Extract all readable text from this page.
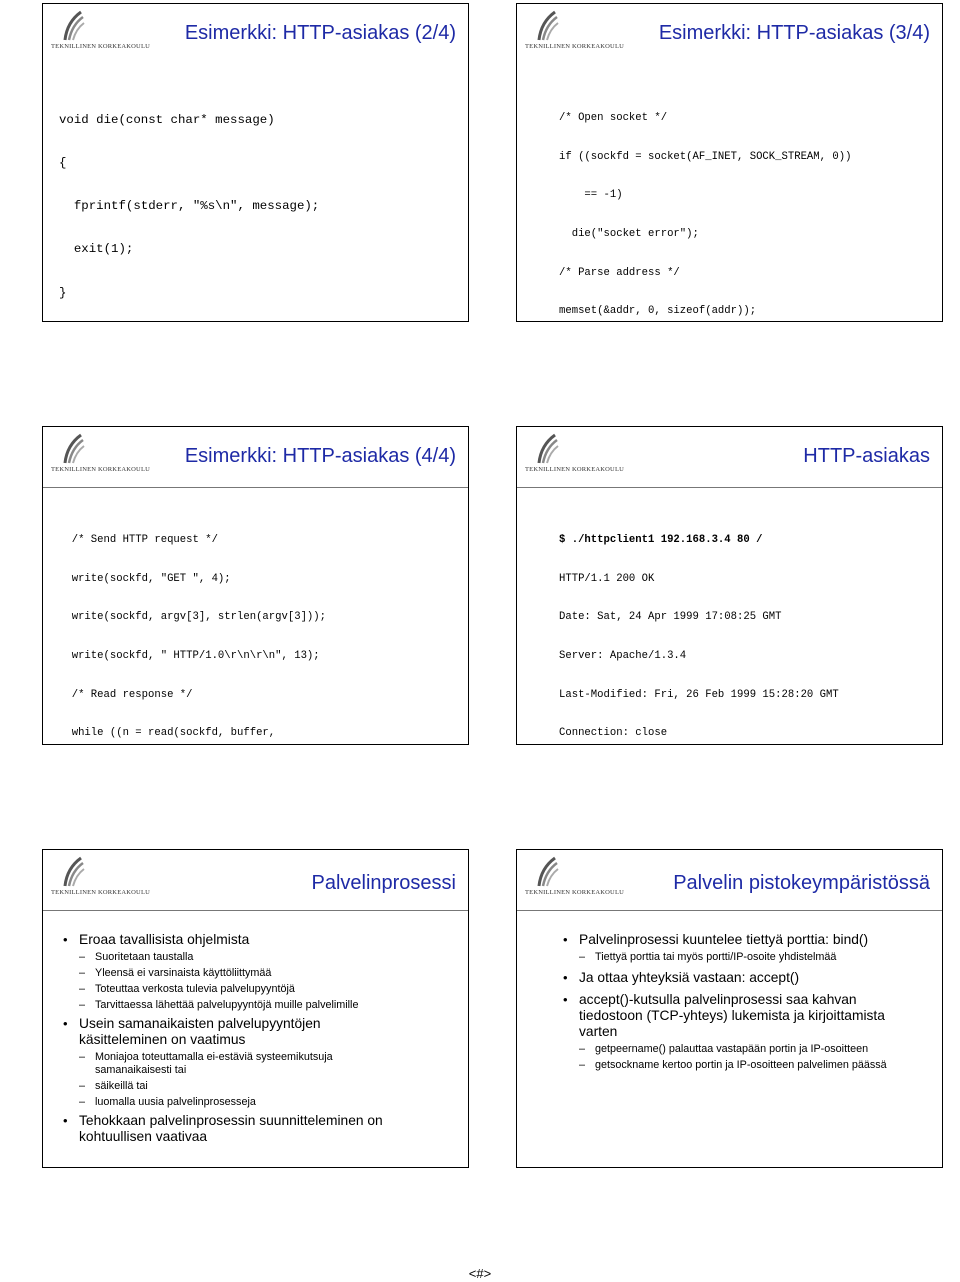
TEKNILLINEN KORKEAKOULU
Esimerkki: HTTP-asiakas (2/4)

void die(const char* message)

{

fprintf(stderr, "%s\n", message);

exit(1);

}

TEKNILLINEN KORKEAKOULU
Esimerkki: HTTP-asiakas (3/4)

/* Open socket */

if ((sockfd = socket(AF_INET, SOCK_STREAM, 0))

== -1)

die("socket error");

/* Parse address */

memset(&addr, 0, sizeof(addr));

TEKNILLINEN KORKEAKOULU
Esimerkki: HTTP-asiakas (4/4)

/* Send HTTP request */

write(sockfd, "GET ", 4);

write(sockfd, argv[3], strlen(argv[3]));

write(sockfd, " HTTP/1.0\r\n\r\n", 13);

/* Read response */

while ((n = read(sockfd, buffer,

TEKNILLINEN KORKEAKOULU
HTTP-asiakas

$ ./httpclient1 192.168.3.4 80 /

HTTP/1.1 200 OK

Date: Sat, 24 Apr 1999 17:08:25 GMT

Server: Apache/1.3.4

Last-Modified: Fri, 26 Feb 1999 15:28:20 GMT

Connection: close

TEKNILLINEN KORKEAKOULU	Palvelinprosessi
• Eroaa tavallisista ohjelmista
– Suoritetaan taustalla
– Yleensä ei varsinaista käyttöliittymää
– Toteuttaa verkosta tulevia palvelupyyntöjä
– Tarvittaessa lähettää palvelupyyntöjä muille palvelimille
• Usein samanaikaisten palvelupyyntöjen käsitteleminen on vaatimus
– Moniajoa toteuttamalla ei-estäviä systeemikutsuja samanaikaisesti tai
– säikeillä tai
– luomalla uusia palvelinprosesseja
• Tehokkaan palvelinprosessin suunnitteleminen on kohtuullisen vaativaa
TEKNILLINEN KORKEAKOULU Palvelin pistokeympäristössä
• Palvelinprosessi kuuntelee tiettyä porttia: bind()
– Tiettyä porttia tai myös portti/IP-osoite yhdistelmää
• Ja ottaa yhteyksiä vastaan: accept()
• accept()-kutsulla palvelinprosessi saa kahvan tiedostoon (TCP-yhteys) lukemista ja kirjoittamista varten
– getpeername() palauttaa vastapään portin ja IP-osoitteen
– getsockname kertoo portin ja IP-osoitteen palvelimen päässä
<#>
